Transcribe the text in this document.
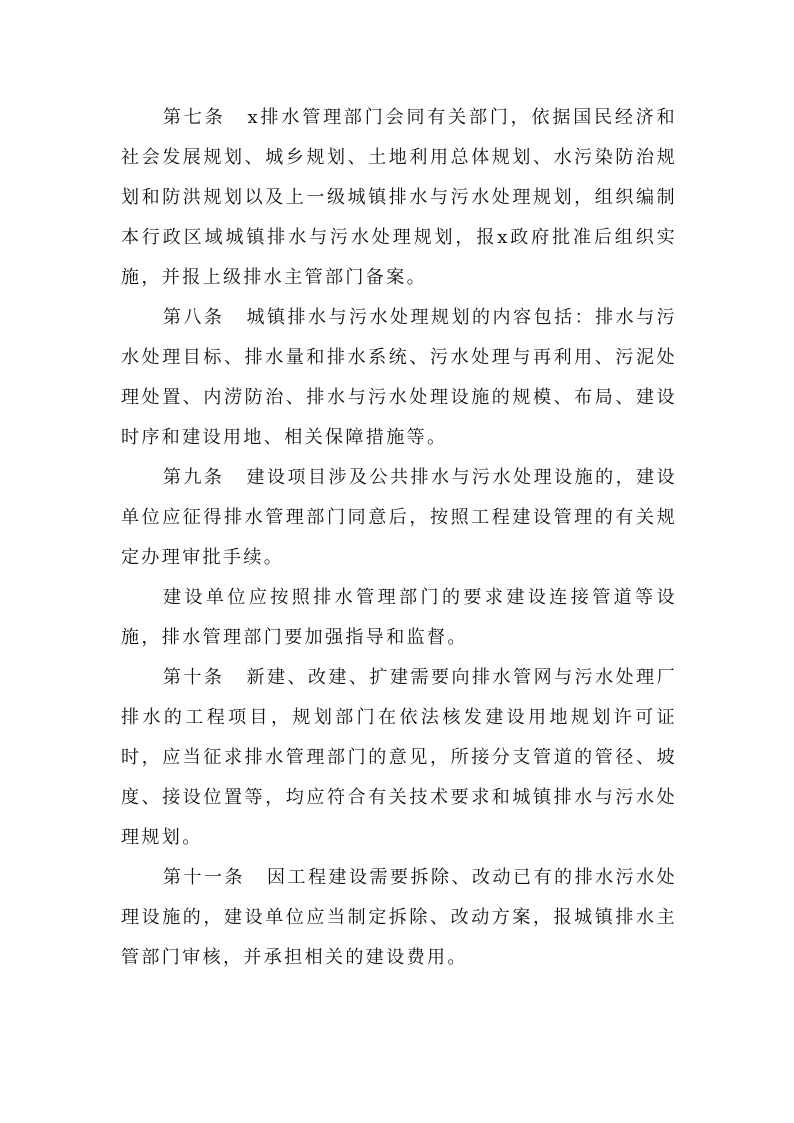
第七条 x排水管理部门会同有关部门，依据国民经济和社会发展规划、城乡规划、土地利用总体规划、水污染防治规划和防洪规划以及上一级城镇排水与污水处理规划，组织编制本行政区域城镇排水与污水处理规划，报x政府批准后组织实施，并报上级排水主管部门备案。

第八条 城镇排水与污水处理规划的内容包括：排水与污水处理目标、排水量和排水系统、污水处理与再利用、污泥处理处置、内涝防治、排水与污水处理设施的规模、布局、建设时序和建设用地、相关保障措施等。

第九条 建设项目涉及公共排水与污水处理设施的，建设单位应征得排水管理部门同意后，按照工程建设管理的有关规定办理审批手续。

建设单位应按照排水管理部门的要求建设连接管道等设施，排水管理部门要加强指导和监督。

第十条 新建、改建、扩建需要向排水管网与污水处理厂排水的工程项目，规划部门在依法核发建设用地规划许可证时，应当征求排水管理部门的意见，所接分支管道的管径、坡度、接设位置等，均应符合有关技术要求和城镇排水与污水处理规划。

第十一条 因工程建设需要拆除、改动已有的排水污水处理设施的，建设单位应当制定拆除、改动方案，报城镇排水主管部门审核，并承担相关的建设费用。
